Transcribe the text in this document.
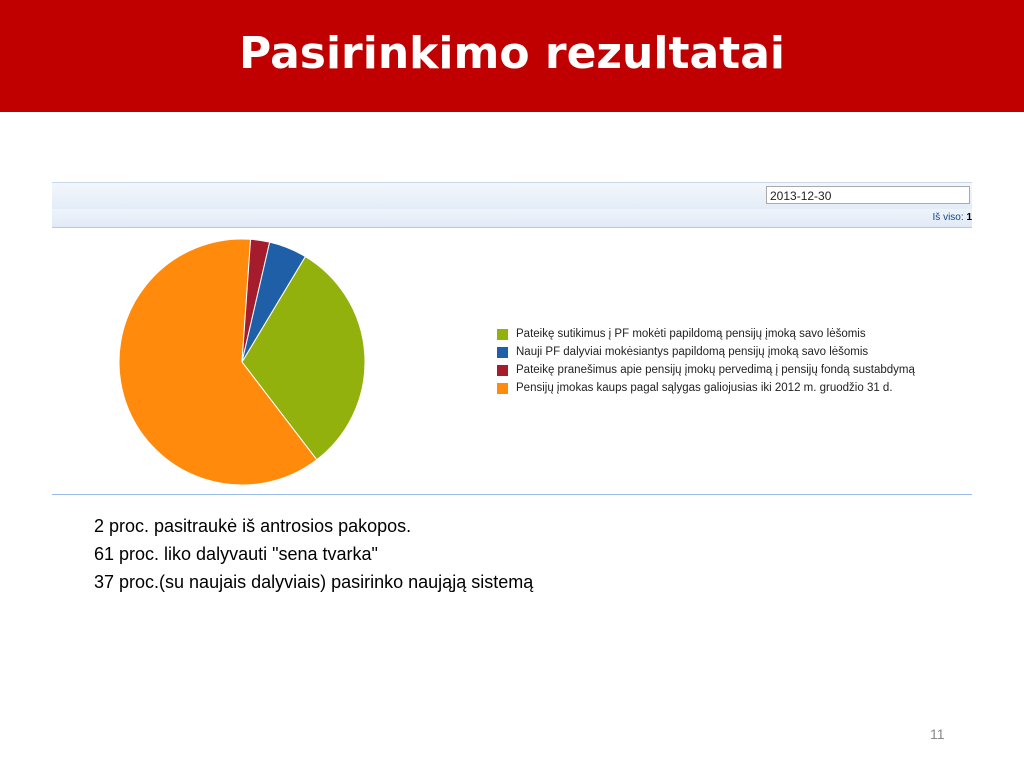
Pasirinkimo rezultatai
2013-12-30
Iš viso: 1
Pateikę sutikimus į PF mokėti papildomą pensijų įmoką savo lėšomis
Nauji PF dalyviai mokėsiantys papildomą pensijų įmoką savo lėšomis
Pateikę pranešimus apie pensijų įmokų pervedimą į pensijų fondą sustabdymą
Pensijų įmokas kaups pagal sąlygas galiojusias iki 2012 m. gruodžio 31 d.
2 proc. pasitraukė iš antrosios pakopos.
61 proc. liko dalyvauti "sena tvarka"
37 proc.(su naujais dalyviais) pasirinko naująją sistemą
11
